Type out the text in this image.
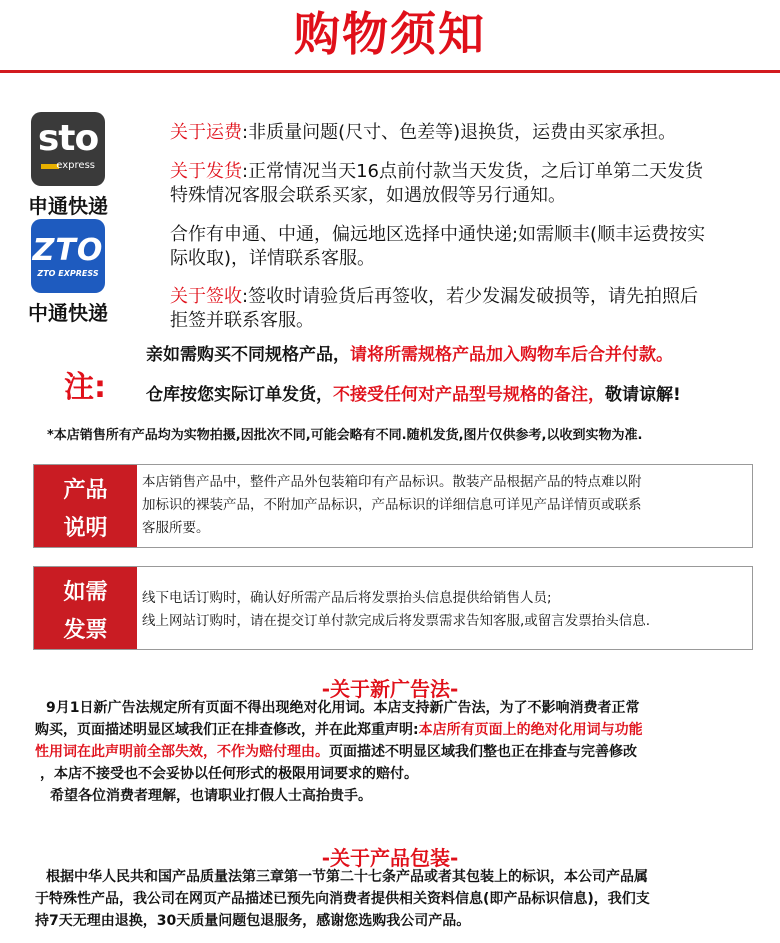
购物须知
sto
express
申通快递
ZTO
ZTO EXPRESS
中通快递
关于运费:非质量问题(尺寸、色差等)退换货，运费由买家承担。
关于发货:正常情况当天16点前付款当天发货，之后订单第二天发货
特殊情况客服会联系买家，如遇放假等另行通知。
合作有申通、中通，偏远地区选择中通快递;如需顺丰(顺丰运费按实
际收取)，详情联系客服。
关于签收:签收时请验货后再签收，若少发漏发破损等，请先拍照后
拒签并联系客服。
注:
亲如需购买不同规格产品，请将所需规格产品加入购物车后合并付款。
仓库按您实际订单发货，不接受任何对产品型号规格的备注，敬请谅解!
*本店销售所有产品均为实物拍摄,因批次不同,可能会略有不同.随机发货,图片仅供参考,以收到实物为准.
产品
说明
本店销售产品中，整件产品外包装箱印有产品标识。散装产品根据产品的特点难以附
加标识的裸装产品，不附加产品标识，产品标识的详细信息可详见产品详情页或联系
客服所要。
如需
发票
线下电话订购时，确认好所需产品后将发票抬头信息提供给销售人员;
线上网站订购时，请在提交订单付款完成后将发票需求告知客服,或留言发票抬头信息.
-关于新广告法-
9月1日新广告法规定所有页面不得出现绝对化用词。本店支持新广告法，为了不影响消费者正常
购买，页面描述明显区域我们正在排查修改，并在此郑重声明:本店所有页面上的绝对化用词与功能
性用词在此声明前全部失效，不作为赔付理由。页面描述不明显区域我们整也正在排查与完善修改
，本店不接受也不会妥协以任何形式的极限用词要求的赔付。
希望各位消费者理解，也请职业打假人士高抬贵手。
-关于产品包装-
根据中华人民共和国产品质量法第三章第一节第二十七条产品或者其包装上的标识，本公司产品属
于特殊性产品，我公司在网页产品描述已预先向消费者提供相关资料信息(即产品标识信息)，我们支
持7天无理由退换，30天质量问题包退服务，感谢您选购我公司产品。
